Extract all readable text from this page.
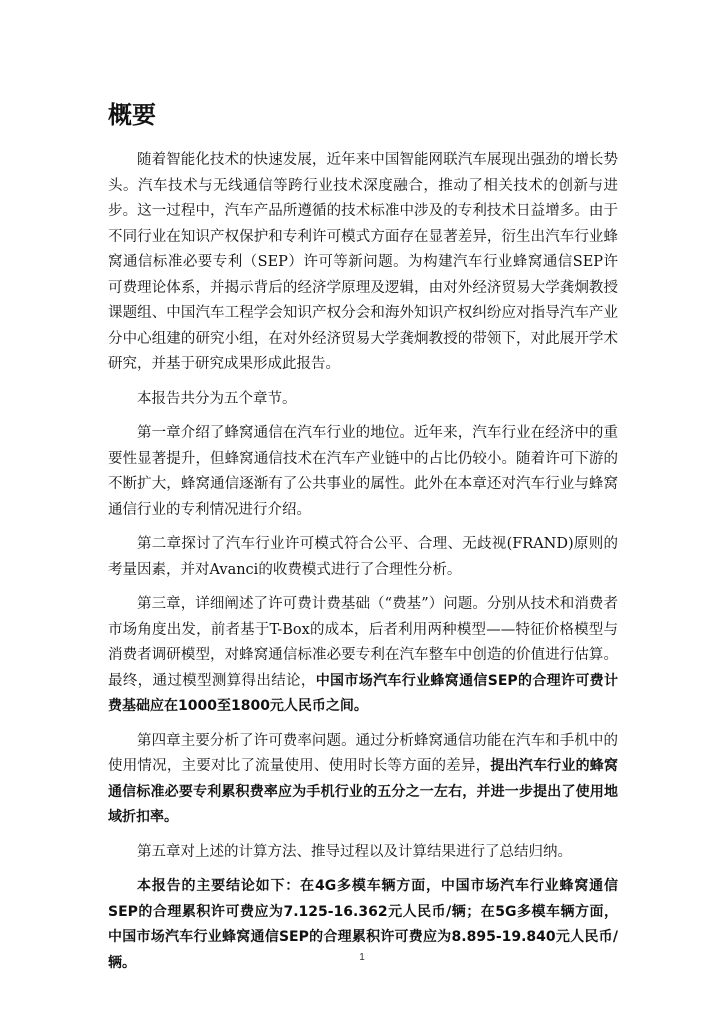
概要

随着智能化技术的快速发展，近年来中国智能网联汽车展现出强劲的增长势头。汽车技术与无线通信等跨行业技术深度融合，推动了相关技术的创新与进步。这一过程中，汽车产品所遵循的技术标准中涉及的专利技术日益增多。由于不同行业在知识产权保护和专利许可模式方面存在显著差异，衍生出汽车行业蜂窝通信标准必要专利（SEP）许可等新问题。为构建汽车行业蜂窝通信SEP许可费理论体系，并揭示背后的经济学原理及逻辑，由对外经济贸易大学龚炯教授课题组、中国汽车工程学会知识产权分会和海外知识产权纠纷应对指导汽车产业分中心组建的研究小组，在对外经济贸易大学龚炯教授的带领下，对此展开学术研究，并基于研究成果形成此报告。

本报告共分为五个章节。

第一章介绍了蜂窝通信在汽车行业的地位。近年来，汽车行业在经济中的重要性显著提升，但蜂窝通信技术在汽车产业链中的占比仍较小。随着许可下游的不断扩大，蜂窝通信逐渐有了公共事业的属性。此外在本章还对汽车行业与蜂窝通信行业的专利情况进行介绍。

第二章探讨了汽车行业许可模式符合公平、合理、无歧视(FRAND)原则的考量因素，并对Avanci的收费模式进行了合理性分析。

第三章，详细阐述了许可费计费基础（“费基”）问题。分别从技术和消费者市场角度出发，前者基于T-Box的成本，后者利用两种模型——特征价格模型与消费者调研模型，对蜂窝通信标准必要专利在汽车整车中创造的价值进行估算。最终，通过模型测算得出结论，中国市场汽车行业蜂窝通信SEP的合理许可费计费基础应在1000至1800元人民币之间。

第四章主要分析了许可费率问题。通过分析蜂窝通信功能在汽车和手机中的使用情况，主要对比了流量使用、使用时长等方面的差异，提出汽车行业的蜂窝通信标准必要专利累积费率应为手机行业的五分之一左右，并进一步提出了使用地域折扣率。

第五章对上述的计算方法、推导过程以及计算结果进行了总结归纳。

本报告的主要结论如下：在4G多模车辆方面，中国市场汽车行业蜂窝通信SEP的合理累积许可费应为7.125-16.362元人民币/辆；在5G多模车辆方面，中国市场汽车行业蜂窝通信SEP的合理累积许可费应为8.895-19.840元人民币/辆。	1
